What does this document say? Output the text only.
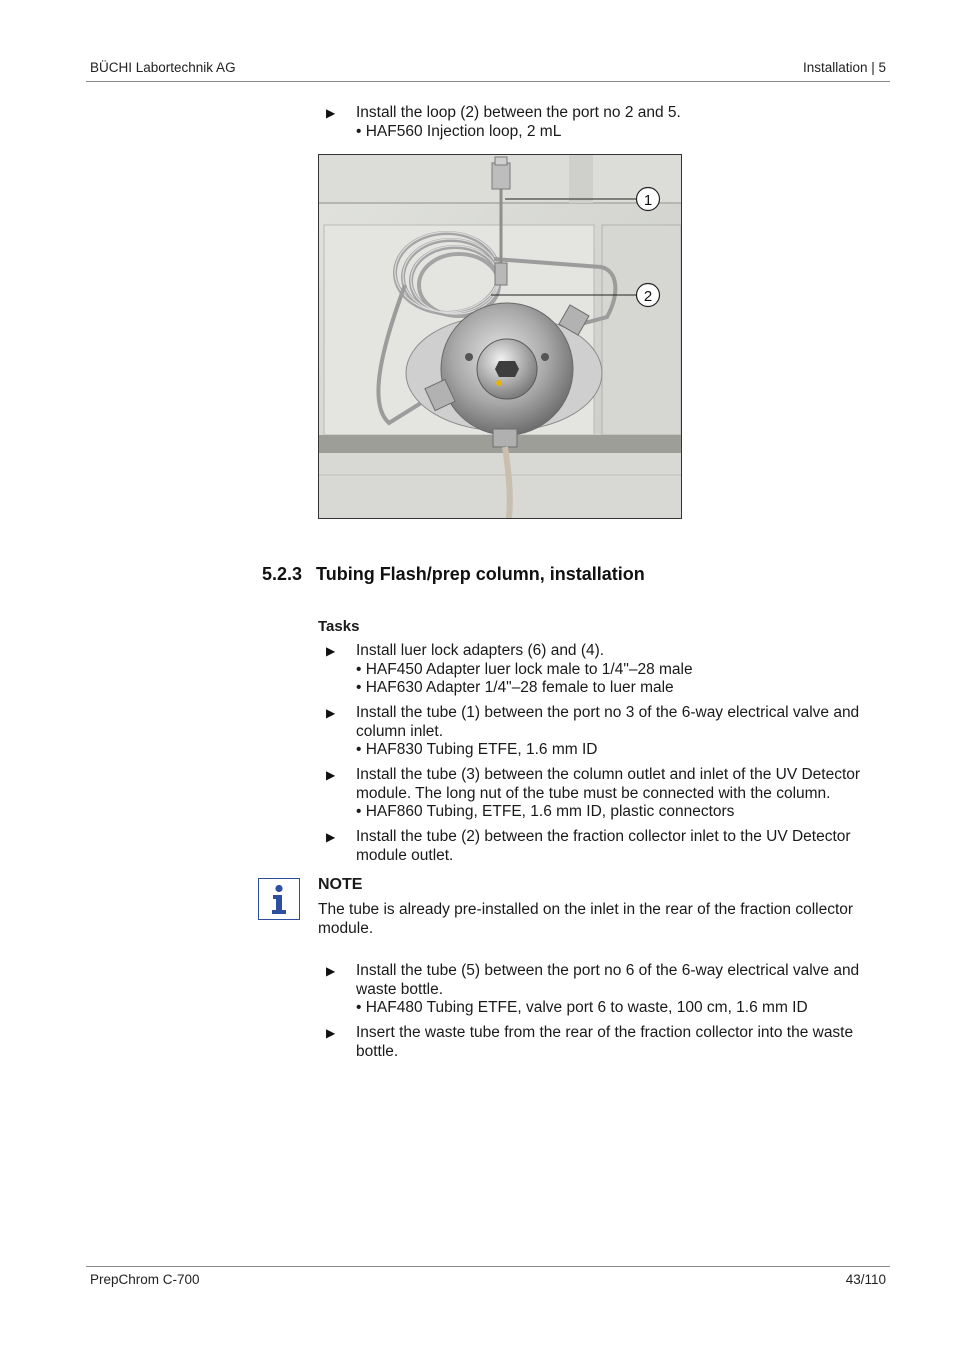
BÜCHI Labortechnik AG	Installation | 5
▶ Install the loop (2) between the port no 2 and 5.
• HAF560 Injection loop, 2 mL
1
2
5.2.3 Tubing Flash/prep column, installation
Tasks
▶ Install luer lock adapters (6) and (4).
• HAF450 Adapter luer lock male to 1/4"–28 male
• HAF630 Adapter 1/4"–28 female to luer male
▶ Install the tube (1) between the port no 3 of the 6-way electrical valve and column inlet.
• HAF830 Tubing ETFE, 1.6 mm ID
▶ Install the tube (3) between the column outlet and inlet of the UV Detector module. The long nut of the tube must be connected with the column.
• HAF860 Tubing, ETFE, 1.6 mm ID, plastic connectors
▶ Install the tube (2) between the fraction collector inlet to the UV Detector module outlet.
NOTE
The tube is already pre-installed on the inlet in the rear of the fraction collector module.
▶ Install the tube (5) between the port no 6 of the 6-way electrical valve and waste bottle.
• HAF480 Tubing ETFE, valve port 6 to waste, 100 cm, 1.6 mm ID
▶ Insert the waste tube from the rear of the fraction collector into the waste bottle.
PrepChrom C-700	43/110
